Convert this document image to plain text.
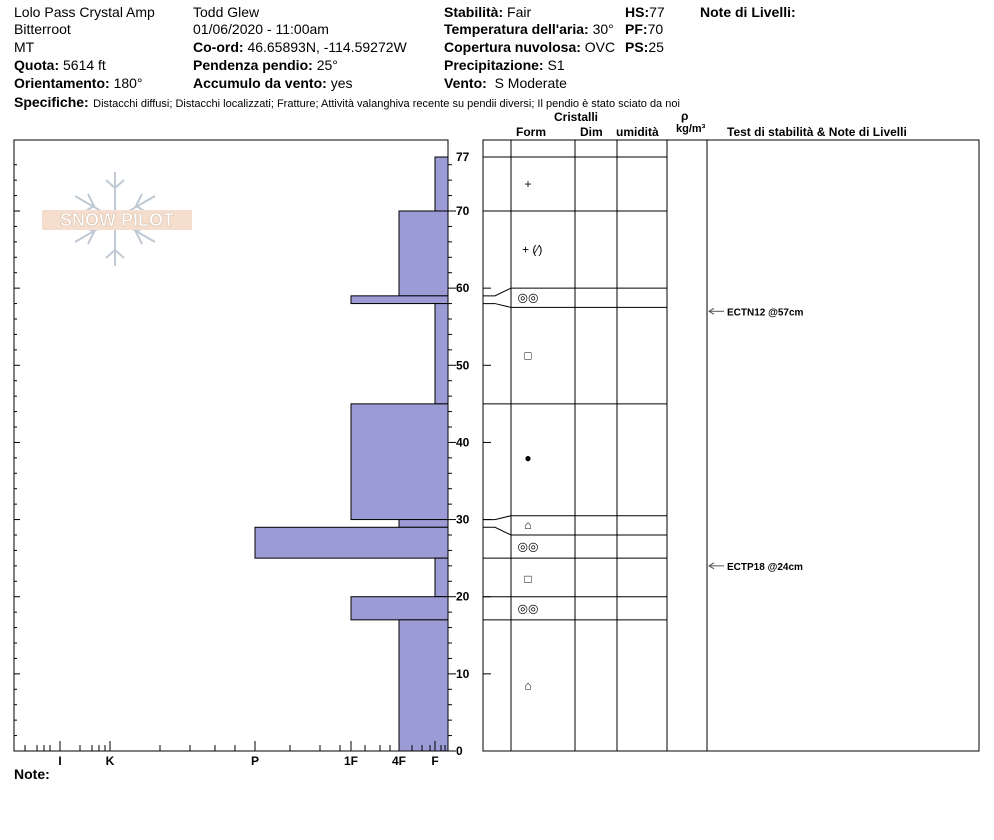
Lolo Pass Crystal Amp
Bitterroot
MT
Quota: 5614 ft
Orientamento: 180°
Todd Glew
01/06/2020 - 11:00am
Co-ord: 46.65893N, -114.59272W
Pendenza pendio: 25°
Accumulo da vento: yes
Stabilità: Fair
Temperatura dell'aria: 30°
Copertura nuvolosa: OVC
Precipitazione: S1
Vento: S Moderate
HS:77
PF:70
PS:25
Note di Livelli:
Specifiche: Distacchi diffusi; Distacchi localizzati; Fratture; Attività valanghiva recente su pendii diversi; Il pendio è stato sciato da noi
Cristalli
Form	Dim umidità
ρ
kg/m³ Test di stabilità & Note di Livelli
SNOW PILOT
0
10
20
30
40
50
60
70
77
I	K	P	1F	4F F
+
+ (⁄)
◎◎
□
●
⌂
◎◎
□
◎◎
⌂
ECTN12 @57cm
ECTP18 @24cm
Note:
